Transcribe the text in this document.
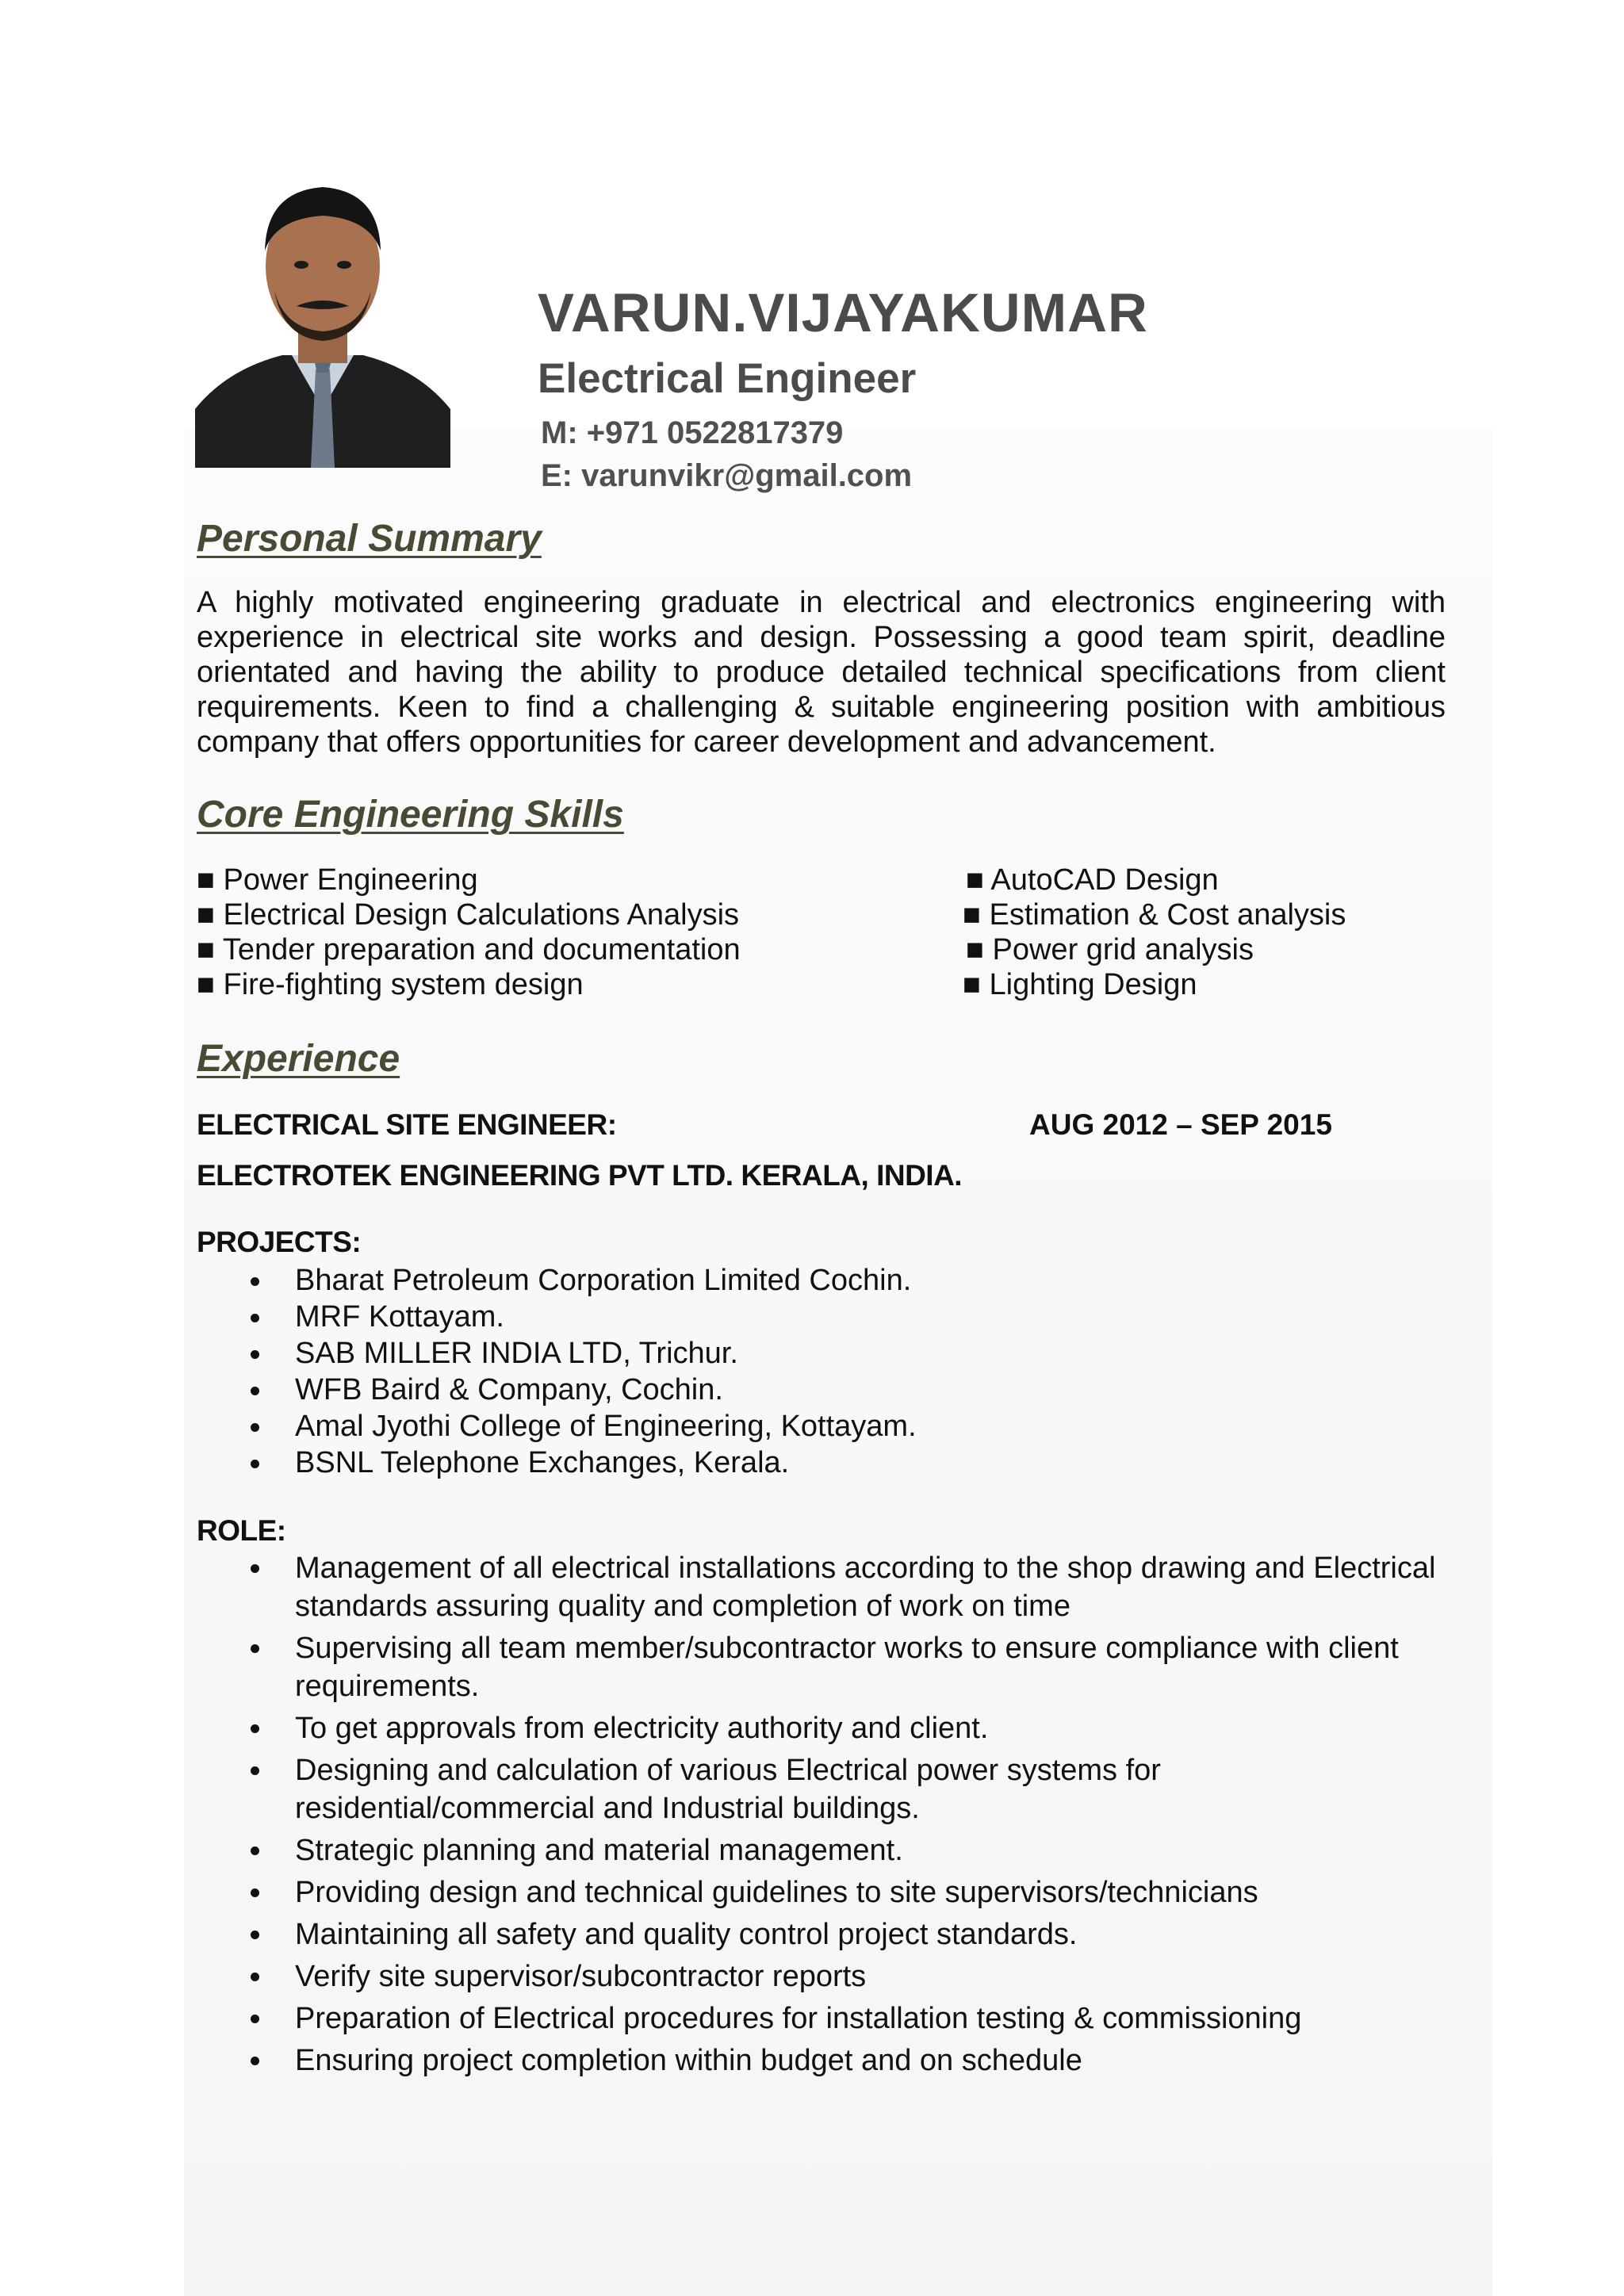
VARUN.VIJAYAKUMAR
Electrical Engineer
M: +971 0522817379
E: varunvikr@gmail.com
Personal Summary
A highly motivated engineering graduate in electrical and electronics engineering with experience in electrical site works and design. Possessing a good team spirit, deadline orientated and having the ability to produce detailed technical specifications from client requirements. Keen to find a challenging & suitable engineering position with ambitious company that offers opportunities for career development and advancement.
Core Engineering Skills
■ Power Engineering	■ AutoCAD Design
■ Electrical Design Calculations Analysis	■ Estimation & Cost analysis
■ Tender preparation and documentation	■ Power grid analysis
■ Fire-fighting system design	■ Lighting Design
Experience
ELECTRICAL SITE ENGINEER:	AUG 2012 – SEP 2015
ELECTROTEK ENGINEERING PVT LTD. KERALA, INDIA.
PROJECTS:
Bharat Petroleum Corporation Limited Cochin.
MRF Kottayam.
SAB MILLER INDIA LTD, Trichur.
WFB Baird & Company, Cochin.
Amal Jyothi College of Engineering, Kottayam.
BSNL Telephone Exchanges, Kerala.
ROLE:
Management of all electrical installations according to the shop drawing and Electrical standards assuring quality and completion of work on time
Supervising all team member/subcontractor works to ensure compliance with client requirements.
To get approvals from electricity authority and client.
Designing and calculation of various Electrical power systems for residential/commercial and Industrial buildings.
Strategic planning and material management.
Providing design and technical guidelines to site supervisors/technicians
Maintaining all safety and quality control project standards.
Verify site supervisor/subcontractor reports
Preparation of Electrical procedures for installation testing & commissioning
Ensuring project completion within budget and on schedule
